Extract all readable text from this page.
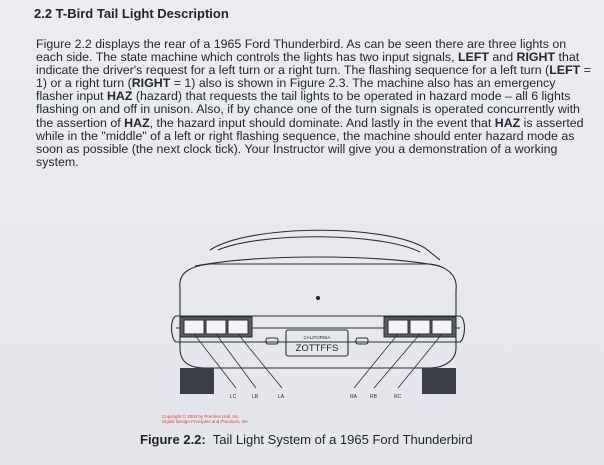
2.2 T-Bird Tail Light Description
Figure 2.2 displays the rear of a 1965 Ford Thunderbird. As can be seen there are three lights on each side. The state machine which controls the lights has two input signals, LEFT and RIGHT that indicate the driver's request for a left turn or a right turn. The flashing sequence for a left turn (LEFT = 1) or a right turn (RIGHT = 1) also is shown in Figure 2.3. The machine also has an emergency flasher input HAZ (hazard) that requests the tail lights to be operated in hazard mode – all 6 lights flashing on and off in unison. Also, if by chance one of the turn signals is operated concurrently with the assertion of HAZ, the hazard input should dominate. And lastly in the event that HAZ is asserted while in the "middle" of a left or right flashing sequence, the machine should enter hazard mode as soon as possible (the next clock tick). Your Instructor will give you a demonstration of a working system.
CALIFORNIA
ZOTTFFS
LC	LB	LA	RA	RB	RC
Copyright © 2000 by Prentice Hall, Inc.
Digital Design Principles and Practices, 3/e
Figure 2.2:  Tail Light System of a 1965 Ford Thunderbird
